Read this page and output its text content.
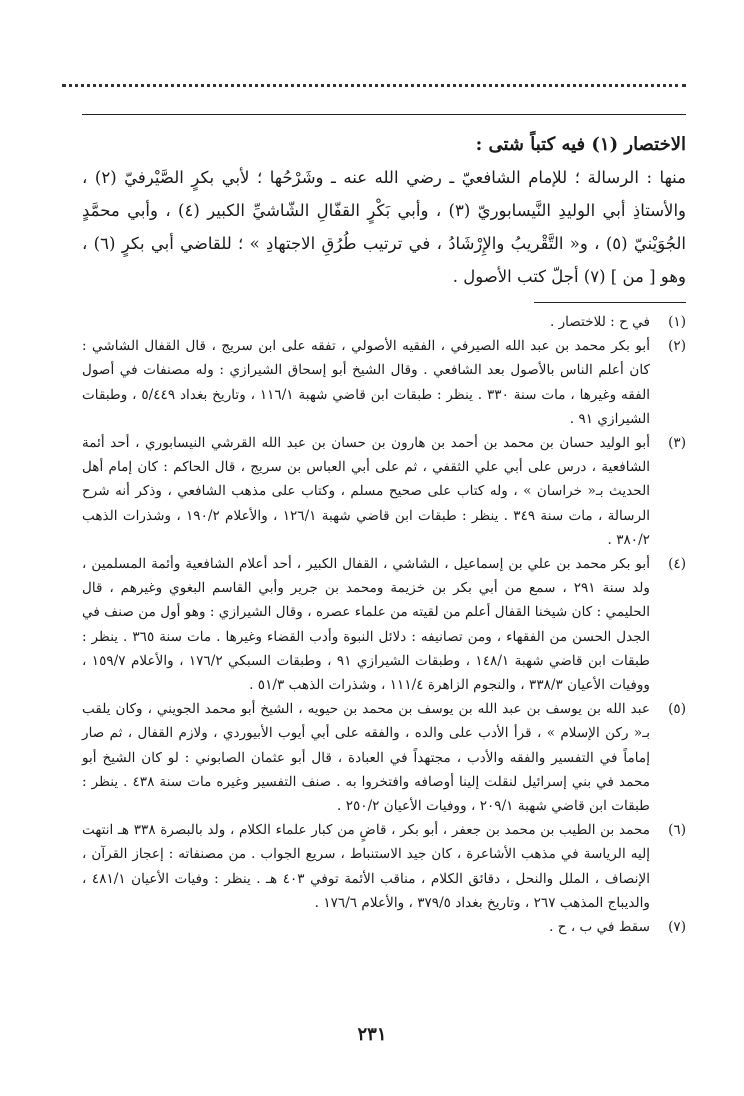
الاختصار (١) فيه كتباً شتى :

منها : الرسالة ؛ للإمام الشافعيّ ـ رضي الله عنه ـ وشَرْحُها ؛ لأبي بكرٍ الصَّيْرفيّ (٢) ، والأستاذِ أبي الوليدِ النَّيسابوريّ (٣) ، وأبي بَكْرٍ القفّالِ الشّاشيِّ الكبير (٤) ، وأبي محمَّدٍ الجُوَيْنيّ (٥) ، و« التَّقْريبُ والإِرْشَادُ ، في ترتيب طُرُقِ الاجتهادِ » ؛ للقاضي أبي بكرٍ (٦) ، وهو [ من ] (٧) أجلّ كتب الأصول .

(١)
في ح : للاختصار .
(٢)
أبو بكر محمد بن عبد الله الصيرفي ، الفقيه الأصولي ، تفقه على ابن سريج ، قال القفال الشاشي : كان أعلم الناس بالأصول بعد الشافعي . وقال الشيخ أبو إسحاق الشيرازي : وله مصنفات في أصول الفقه وغيرها ، مات سنة ٣٣٠ . ينظر : طبقات ابن قاضي شهبة ١١٦/١ ، وتاريخ بغداد ٥/٤٤٩ ، وطبقات الشيرازي ٩١ .
(٣)
أبو الوليد حسان بن محمد بن أحمد بن هارون بن حسان بن عبد الله القرشي النيسابوري ، أحد أئمة الشافعية ، درس على أبي علي الثقفي ، ثم على أبي العباس بن سريج ، قال الحاكم : كان إمام أهل الحديث بـ« خراسان » ، وله كتاب على صحيح مسلم ، وكتاب على مذهب الشافعي ، وذكر أنه شرح الرسالة ، مات سنة ٣٤٩ . ينظر : طبقات ابن قاضي شهبة ١٢٦/١ ، والأعلام ١٩٠/٢ ، وشذرات الذهب ٣٨٠/٢ .
(٤)
أبو بكر محمد بن علي بن إسماعيل ، الشاشي ، القفال الكبير ، أحد أعلام الشافعية وأئمة المسلمين ، ولد سنة ٢٩١ ، سمع من أبي بكر بن خزيمة ومحمد بن جرير وأبي القاسم البغوي وغيرهم ، قال الحليمي : كان شيخنا القفال أعلم من لقيته من علماء عصره ، وقال الشيرازي : وهو أول من صنف في الجدل الحسن من الفقهاء ، ومن تصانيفه : دلائل النبوة وأدب القضاء وغيرها . مات سنة ٣٦٥ . ينظر : طبقات ابن قاضي شهبة ١٤٨/١ ، وطبقات الشيرازي ٩١ ، وطبقات السبكي ١٧٦/٢ ، والأعلام ١٥٩/٧ ، ووفيات الأعيان ٣٣٨/٣ ، والنجوم الزاهرة ١١١/٤ ، وشذرات الذهب ٥١/٣ .
(٥)
عبد الله بن يوسف بن عبد الله بن يوسف بن محمد بن حيويه ، الشيخ أبو محمد الجويني ، وكان يلقب بـ« ركن الإسلام » ، قرأ الأدب على والده ، والفقه على أبي أيوب الأبيوردي ، ولازم القفال ، ثم صار إماماً في التفسير والفقه والأدب ، مجتهداً في العبادة ، قال أبو عثمان الصابوني : لو كان الشيخ أبو محمد في بني إسرائيل لنقلت إلينا أوصافه وافتخروا به . صنف التفسير وغيره مات سنة ٤٣٨ . ينظر : طبقات ابن قاضي شهبة ٢٠٩/١ ، ووفيات الأعيان ٢٥٠/٢ .
(٦)
محمد بن الطيب بن محمد بن جعفر ، أبو بكر ، قاضٍ من كبار علماء الكلام ، ولد بالبصرة ٣٣٨ هـ انتهت إليه الرياسة في مذهب الأشاعرة ، كان جيد الاستنباط ، سريع الجواب . من مصنفاته : إعجاز القرآن ، الإنصاف ، الملل والنحل ، دقائق الكلام ، مناقب الأئمة توفي ٤٠٣ هـ . ينظر : وفيات الأعيان ٤٨١/١ ، والديباج المذهب ٢٦٧ ، وتاريخ بغداد ٣٧٩/٥ ، والأعلام ١٧٦/٦ .
(٧)
سقط في ب ، ح .
٢٣١
